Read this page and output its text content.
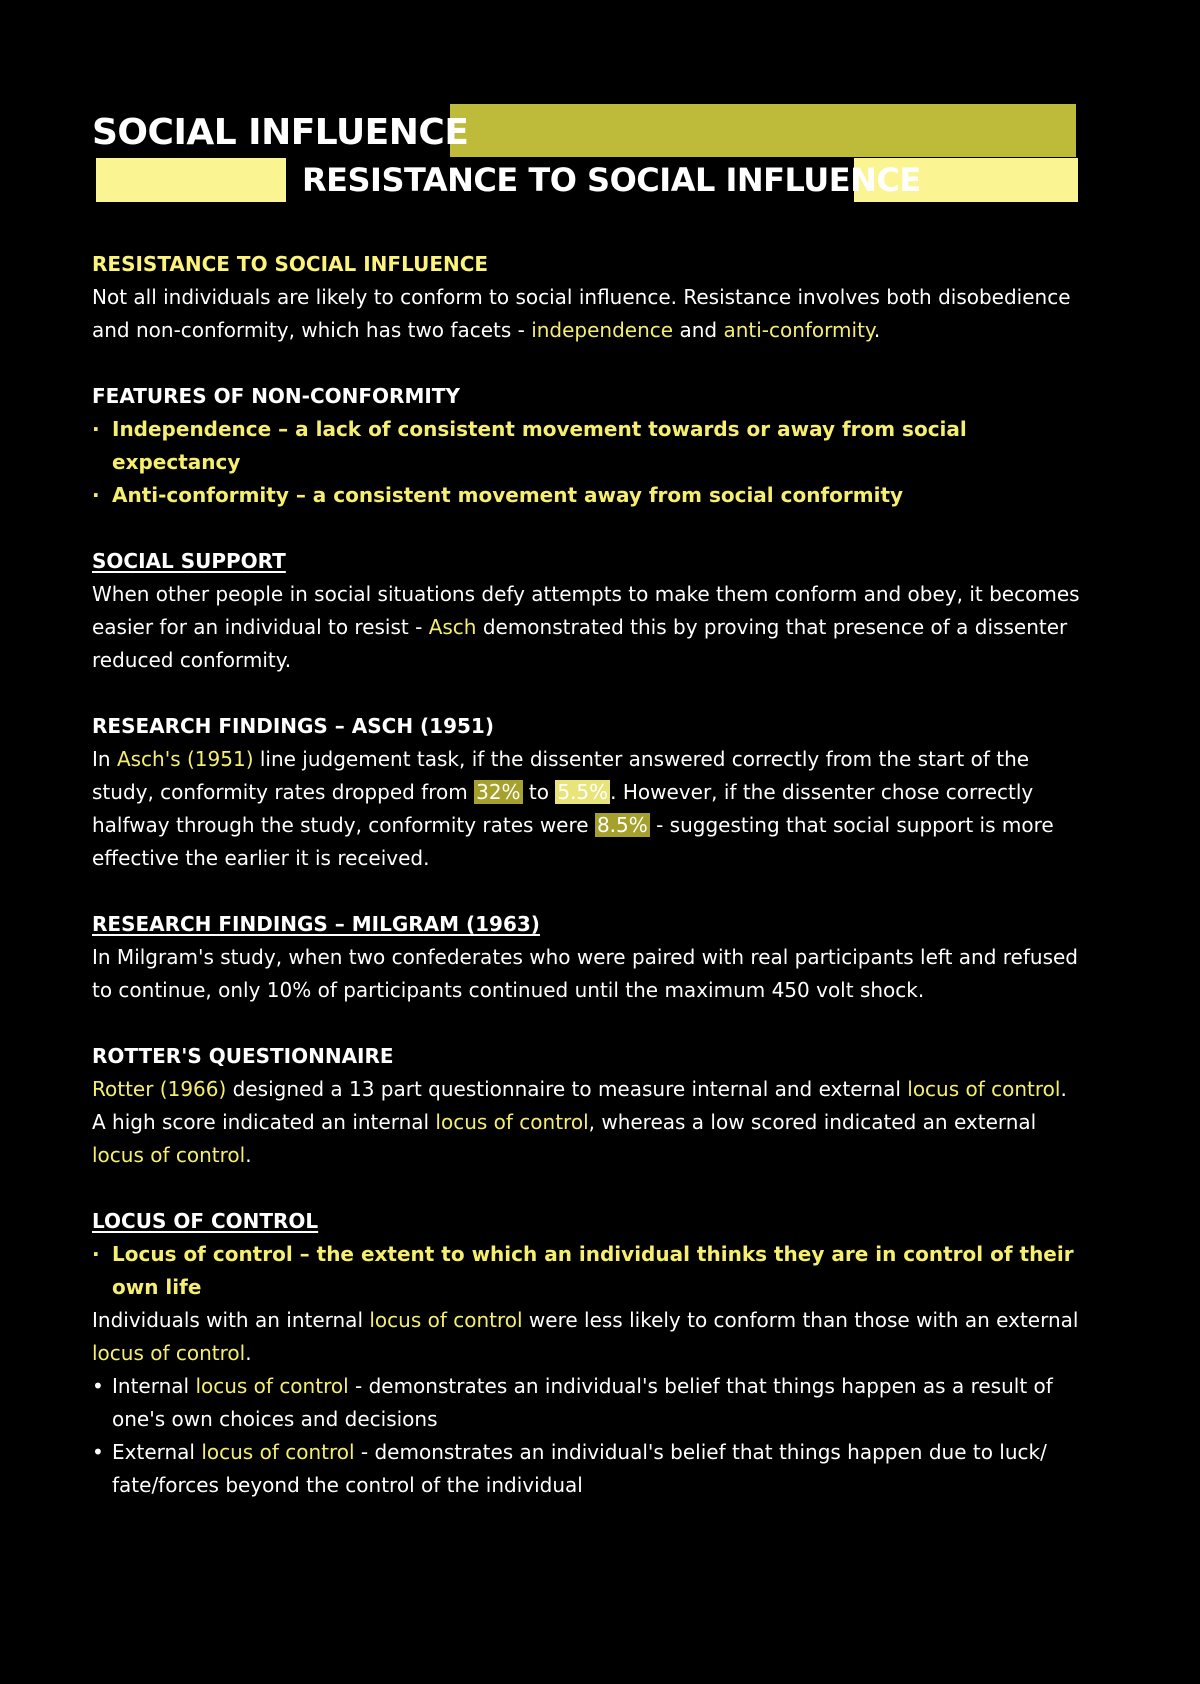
SOCIAL INFLUENCE
RESISTANCE TO SOCIAL INFLUENCE
RESISTANCE TO SOCIAL INFLUENCE

Not all individuals are likely to conform to social influence. Resistance involves both disobedience and non-conformity, which has two facets - independence and anti-conformity.

FEATURES OF NON-CONFORMITY
· Independence – a lack of consistent movement towards or away from social expectancy
· Anti-conformity – a consistent movement away from social conformity
SOCIAL SUPPORT

When other people in social situations defy attempts to make them conform and obey, it becomes easier for an individual to resist - Asch demonstrated this by proving that presence of a dissenter reduced conformity.

RESEARCH FINDINGS – ASCH (1951)

In Asch's (1951) line judgement task, if the dissenter answered correctly from the start of the study, conformity rates dropped from 32% to 5.5% . However, if the dissenter chose correctly halfway through the study, conformity rates were 8.5% - suggesting that social support is more effective the earlier it is received.

RESEARCH FINDINGS – MILGRAM (1963)

In Milgram's study, when two confederates who were paired with real participants left and refused to continue, only 10% of participants continued until the maximum 450 volt shock.

ROTTER'S QUESTIONNAIRE

Rotter (1966) designed a 13 part questionnaire to measure internal and external locus of control. A high score indicated an internal locus of control, whereas a low scored indicated an external locus of control.

LOCUS OF CONTROL
· Locus of control – the extent to which an individual thinks they are in control of their own life

Individuals with an internal locus of control were less likely to conform than those with an external locus of control.

• Internal locus of control - demonstrates an individual's belief that things happen as a result of one's own choices and decisions
• External locus of control - demonstrates an individual's belief that things happen due to luck/ fate/forces beyond the control of the individual
